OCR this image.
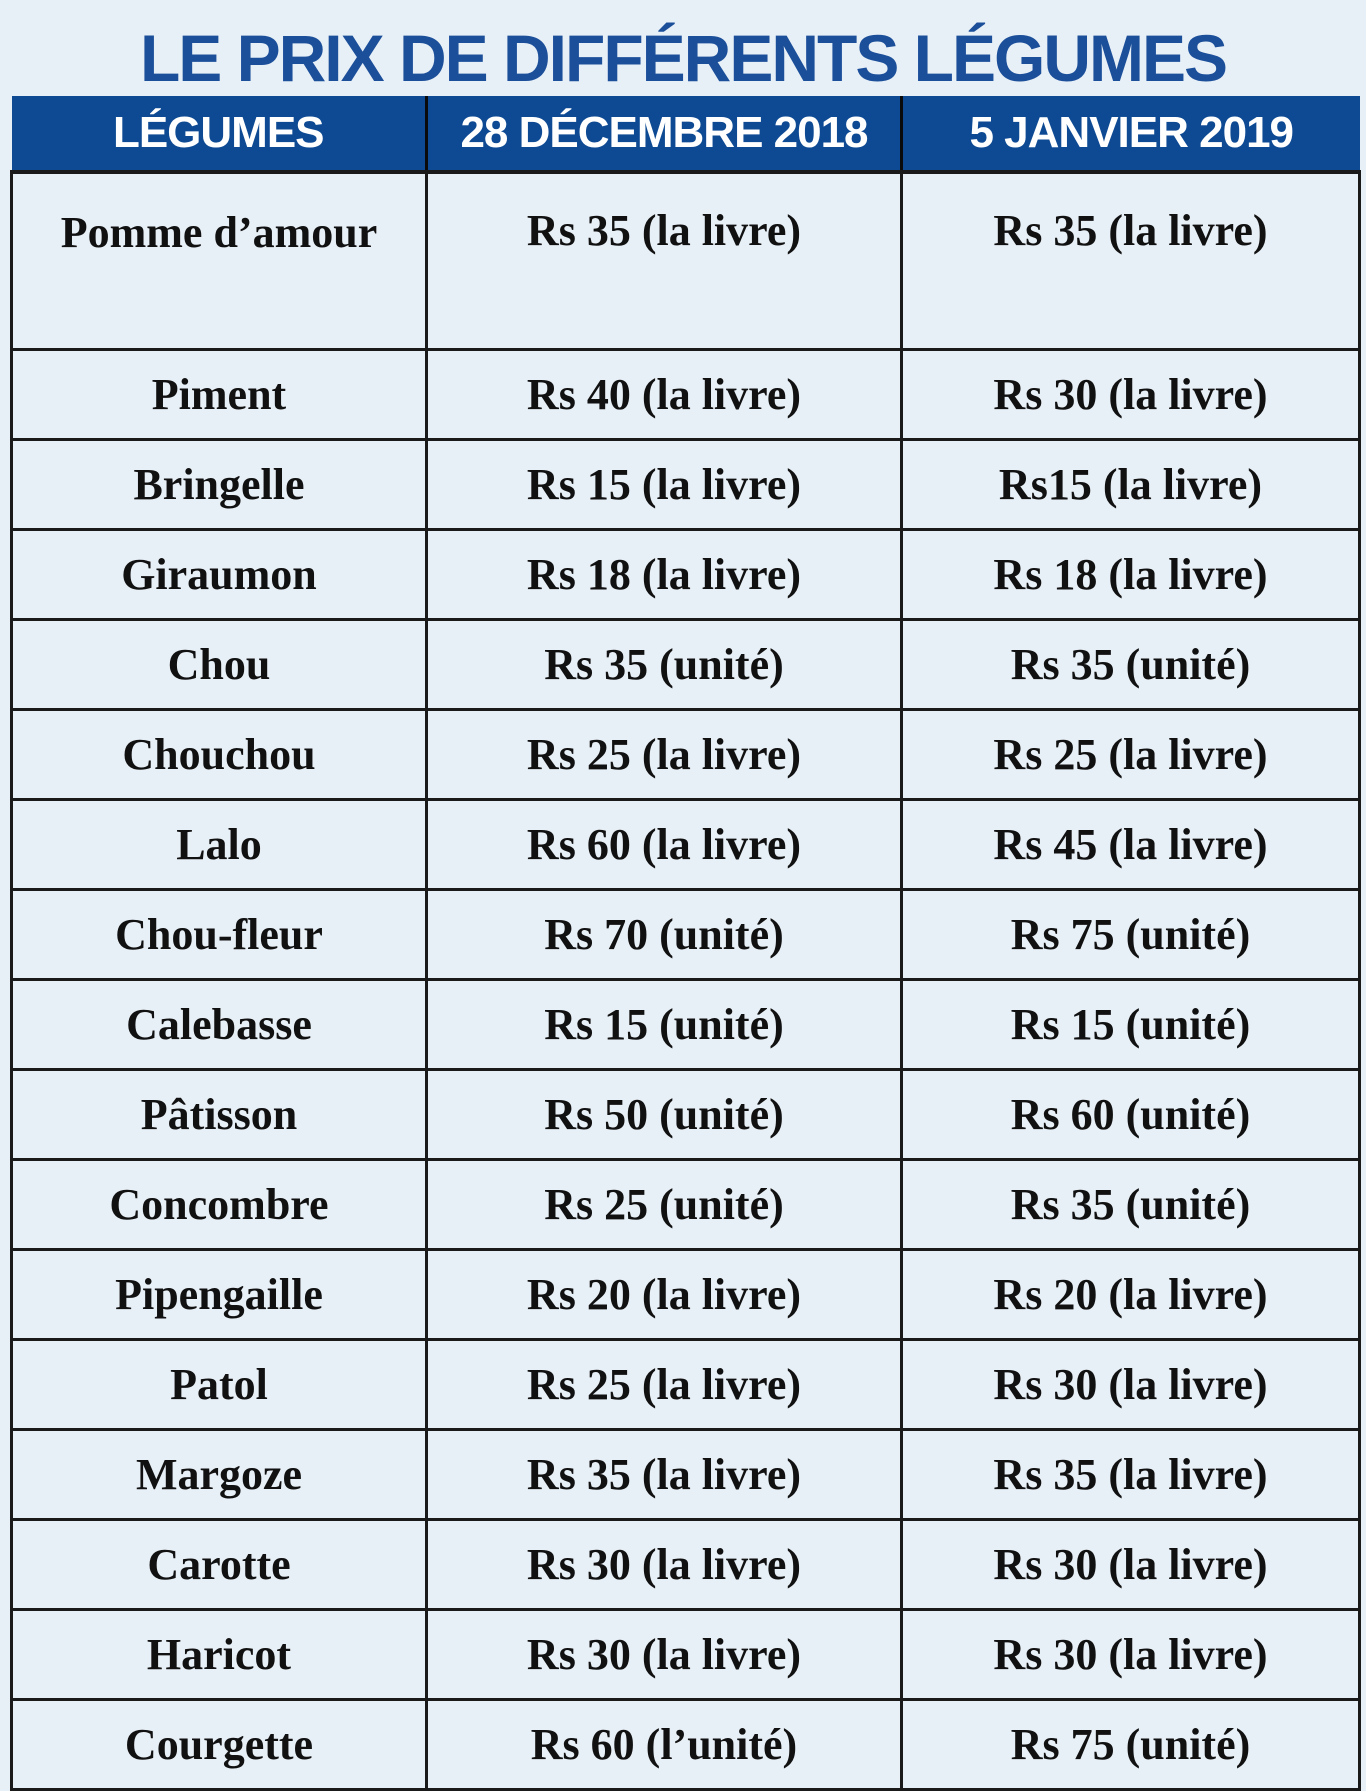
LE PRIX DE DIFFÉRENTS LÉGUMES
LÉGUMES	28 DÉCEMBRE 2018	5 JANVIER 2019
Pomme d’amour	Rs 35 (la livre)	Rs 35 (la livre)
Piment	Rs 40 (la livre)	Rs 30 (la livre)
Bringelle	Rs 15 (la livre)	Rs15 (la livre)
Giraumon	Rs 18 (la livre)	Rs 18 (la livre)
Chou	Rs 35 (unité)	Rs 35 (unité)
Chouchou	Rs 25 (la livre)	Rs 25 (la livre)
Lalo	Rs 60 (la livre)	Rs 45 (la livre)
Chou-fleur	Rs 70 (unité)	Rs 75 (unité)
Calebasse	Rs 15 (unité)	Rs 15 (unité)
Pâtisson	Rs 50 (unité)	Rs 60 (unité)
Concombre	Rs 25 (unité)	Rs 35 (unité)
Pipengaille	Rs 20 (la livre)	Rs 20 (la livre)
Patol	Rs 25 (la livre)	Rs 30 (la livre)
Margoze	Rs 35 (la livre)	Rs 35 (la livre)
Carotte	Rs 30 (la livre)	Rs 30 (la livre)
Haricot	Rs 30 (la livre)	Rs 30 (la livre)
Courgette	Rs 60 (l’unité)	Rs 75 (unité)
